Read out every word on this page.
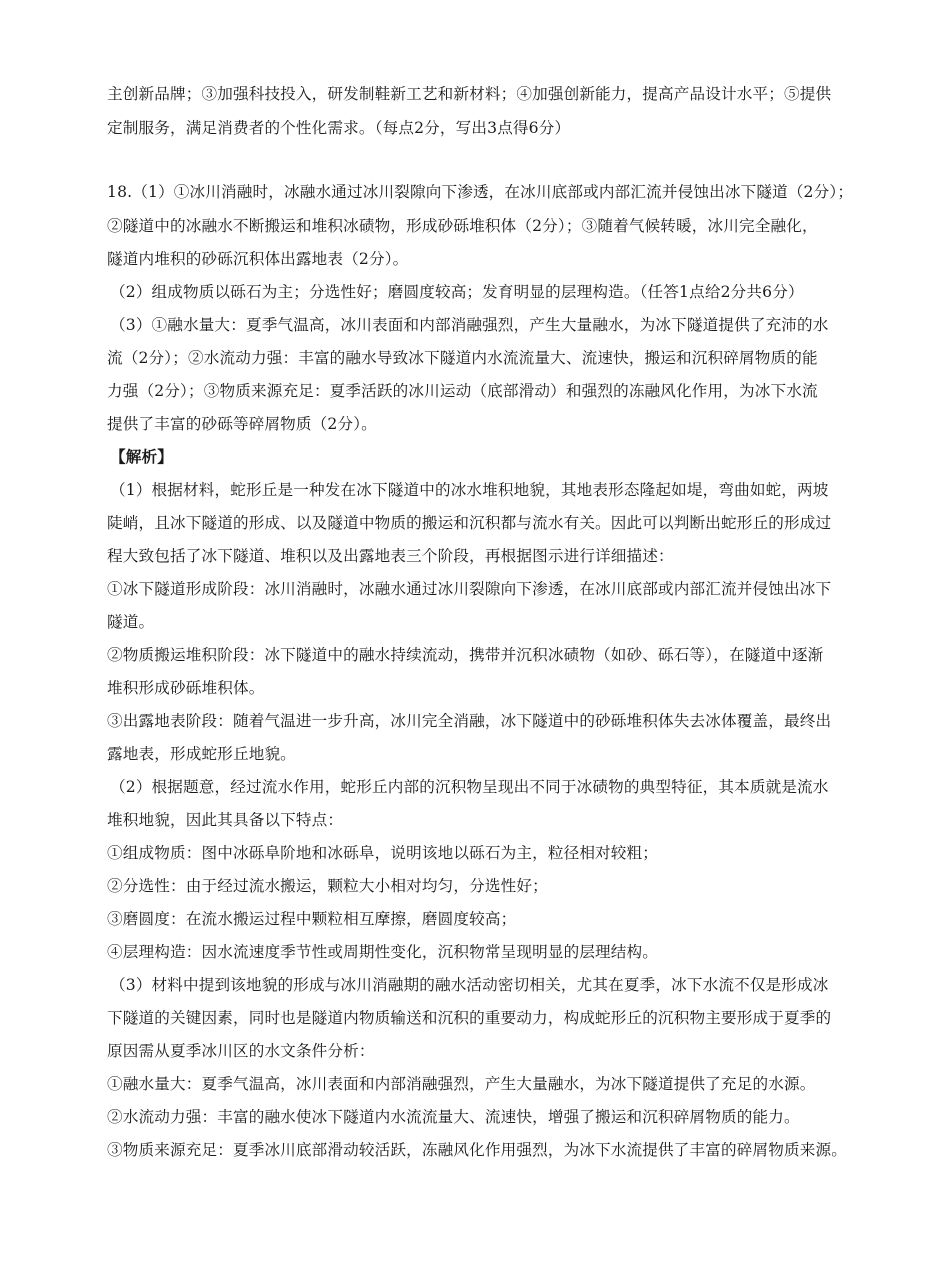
主创新品牌；③加强科技投入，研发制鞋新工艺和新材料；④加强创新能力，提高产品设计水平；⑤提供
定制服务，满足消费者的个性化需求。（每点2分，写出3点得6分）
18.（1）①冰川消融时，冰融水通过冰川裂隙向下渗透，在冰川底部或内部汇流并侵蚀出冰下隧道（2分）；
②隧道中的冰融水不断搬运和堆积冰碛物，形成砂砾堆积体（2分）；③随着气候转暖，冰川完全融化，
隧道内堆积的砂砾沉积体出露地表（2分）。
（2）组成物质以砾石为主；分选性好；磨圆度较高；发育明显的层理构造。（任答1点给2分共6分）
（3）①融水量大：夏季气温高，冰川表面和内部消融强烈，产生大量融水，为冰下隧道提供了充沛的水
流（2分）；②水流动力强：丰富的融水导致冰下隧道内水流流量大、流速快，搬运和沉积碎屑物质的能
力强（2分）；③物质来源充足：夏季活跃的冰川运动（底部滑动）和强烈的冻融风化作用，为冰下水流
提供了丰富的砂砾等碎屑物质（2分）。
【解析】
（1）根据材料，蛇形丘是一种发在冰下隧道中的冰水堆积地貌，其地表形态隆起如堤，弯曲如蛇，两坡
陡峭，且冰下隧道的形成、以及隧道中物质的搬运和沉积都与流水有关。因此可以判断出蛇形丘的形成过
程大致包括了冰下隧道、堆积以及出露地表三个阶段，再根据图示进行详细描述：
①冰下隧道形成阶段：冰川消融时，冰融水通过冰川裂隙向下渗透，在冰川底部或内部汇流并侵蚀出冰下
隧道。
②物质搬运堆积阶段：冰下隧道中的融水持续流动，携带并沉积冰碛物（如砂、砾石等），在隧道中逐渐
堆积形成砂砾堆积体。
③出露地表阶段：随着气温进一步升高，冰川完全消融，冰下隧道中的砂砾堆积体失去冰体覆盖，最终出
露地表，形成蛇形丘地貌。
（2）根据题意，经过流水作用，蛇形丘内部的沉积物呈现出不同于冰碛物的典型特征，其本质就是流水
堆积地貌，因此其具备以下特点：
①组成物质：图中冰砾阜阶地和冰砾阜，说明该地以砾石为主，粒径相对较粗；
②分选性：由于经过流水搬运，颗粒大小相对均匀，分选性好；
③磨圆度：在流水搬运过程中颗粒相互摩擦，磨圆度较高；
④层理构造：因水流速度季节性或周期性变化，沉积物常呈现明显的层理结构。
（3）材料中提到该地貌的形成与冰川消融期的融水活动密切相关，尤其在夏季，冰下水流不仅是形成冰
下隧道的关键因素，同时也是隧道内物质输送和沉积的重要动力，构成蛇形丘的沉积物主要形成于夏季的
原因需从夏季冰川区的水文条件分析：
①融水量大：夏季气温高，冰川表面和内部消融强烈，产生大量融水，为冰下隧道提供了充足的水源。
②水流动力强：丰富的融水使冰下隧道内水流流量大、流速快，增强了搬运和沉积碎屑物质的能力。
③物质来源充足：夏季冰川底部滑动较活跃，冻融风化作用强烈，为冰下水流提供了丰富的碎屑物质来源。
